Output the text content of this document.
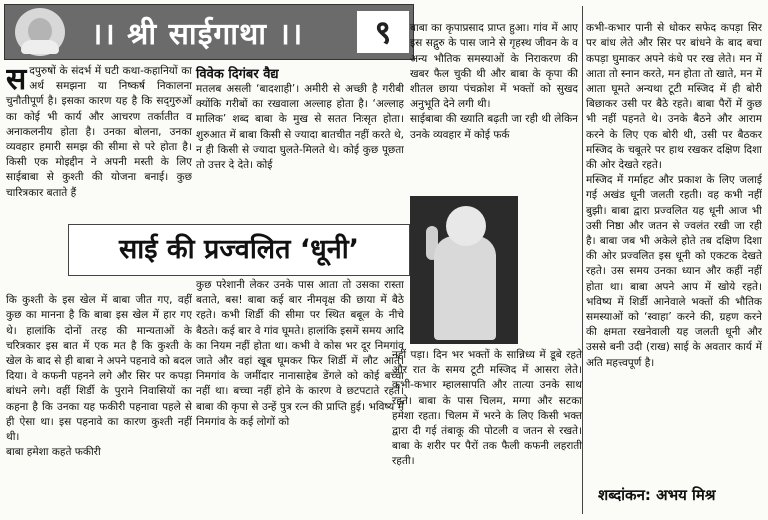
।। श्री साईगाथा ।।	९
विवेक दिगंबर वैद्य
स दपुरुषों के संदर्भ में घटी कथा-कहानियों का अर्थ समझना या निष्कर्ष निकालना चुनौतीपूर्ण है। इसका कारण यह है कि सद्‌गुरुओं का कोई भी कार्य और आचरण तर्कातीत व अनाकलनीय होता है। उनका बोलना, उनका व्यवहार हमारी समझ की सीमा से परे होता है। किसी एक मोइद्दीन ने अपनी मस्ती के लिए साईबाबा से कुश्ती की योजना बनाई। कुछ चारित्रकार बताते हैं
मतलब असली ‘बादशाही’। अमीरी से अच्छी है गरीबी क्योंकि गरीबों का रखवाला अल्लाह होता है। ‘अल्लाह मालिक’ शब्द बाबा के मुख से सतत निःसृत होता। शुरुआत में बाबा किसी से ज्यादा बातचीत नहीं करते थे, न ही किसी से ज्यादा घुलते-मिलते थे। कोई कुछ पूछता तो उत्तर दे देते। कोई
साई की प्रज्वलित ‘धूनी’

कि कुश्ती के इस खेल में बाबा जीत गए, वहीं कुछ का मानना है कि बाबा इस खेल में हार गए थे। हालांकि दोनों तरह की मान्यताओं के चरित्रकार इस बात में एक मत है कि कुश्ती के खेल के बाद से ही बाबा ने अपने पहनावे को बदल दिया। वे कफनी पहनने लगे और सिर पर कपड़ा बांधने लगे। वहीं शिर्डी के पुराने निवासियों का कहना है कि उनका यह फकीरी पहनावा पहले से ही ऐसा था। इस पहनावे का कारण कुश्ती नहीं थी।
बाबा हमेशा कहते फकीरी

कुछ परेशानी लेकर उनके पास आता तो उसका रास्ता बताते, बस! बाबा कई बार नीमवृक्ष की छाया में बैठे रहते। कभी शिर्डी की सीमा पर स्थित बबूल के नीचे बैठते। कई बार वे गांव घूमते। हालांकि इसमें समय आदि का नियम नहीं होता था। कभी वे कोस भर दूर निमगांव जाते और वहां खूब घूमकर फिर शिर्डी में लौट आते। निमगांव के जमींदार नानासाहेब डेंगले को कोई बच्चा नहीं था। बच्चा नहीं होने के कारण वे छटपटाते रहते। बाबा की कृपा से उन्हें पुत्र रत्न की प्राप्ति हुई। भविष्य में निमगांव के कई लोगों को

बाबा का कृपाप्रसाद प्राप्त हुआ। गांव में आए इस सद्गुरु के पास जाने से गृहस्थ जीवन के व अन्य भौतिक समस्याओं के निराकरण की खबर फैल चुकी थी और बाबा के कृपा की शीतल छाया पंचक्रोश में भक्तों को सुखद अनुभूति देने लगी थी।
साईबाबा की ख्याति बढ़ती जा रही थी लेकिन उनके व्यवहार में कोई फर्क

नहीं पड़ा। दिन भर भक्तों के सान्निध्य में डूबे रहते और रात के समय टूटी मस्जिद में आसरा लेते। कभी-कभार म्हालसापति और तात्या उनके साथ रहते। बाबा के पास चिलम, मग्गा और सटका हमेशा रहता। चिलम में भरने के लिए किसी भक्त द्वारा दी गई तंबाकू की पोटली व जतन से रखते। बाबा के शरीर पर पैरों तक फैली कफनी लहराती रहती।

कभी-कभार पानी से धोकर सफेद कपड़ा सिर पर बांध लेते और सिर पर बांधने के बाद बचा कपड़ा घुमाकर अपने कंधे पर रख लेते। मन में आता तो स्नान करते, मन होता तो खाते, मन में आता घूमते अन्यथा टूटी मस्जिद में ही बोरी बिछाकर उसी पर बैठे रहते। बाबा पैरों में कुछ भी नहीं पहनते थे। उनके बैठने और आराम करने के लिए एक बोरी थी, उसी पर बैठकर मस्जिद के चबूतरे पर हाथ रखकर दक्षिण दिशा की ओर देखते रहते।
मस्जिद में गर्माहट और प्रकाश के लिए जलाई गई अखंड धूनी जलती रहती। वह कभी नहीं बुझी। बाबा द्वारा प्रज्वलित यह धूनी आज भी उसी निष्ठा और जतन से ज्वलंत रखी जा रही है। बाबा जब भी अकेले होते तब दक्षिण दिशा की ओर प्रज्वलित इस धूनी को एकटक देखते रहते। उस समय उनका ध्यान और कहीं नहीं होता था। बाबा अपने आप में खोये रहते। भविष्य में शिर्डी आनेवाले भक्तों की भौतिक समस्याओं को ‘स्वाहा’ करने की, ग्रहण करने की क्षमता रखनेवाली यह जलती धूनी और उससे बनी उदी (राख) साई के अवतार कार्य में अति महत्त्वपूर्ण है।

शब्दांकन: अभय मिश्र
